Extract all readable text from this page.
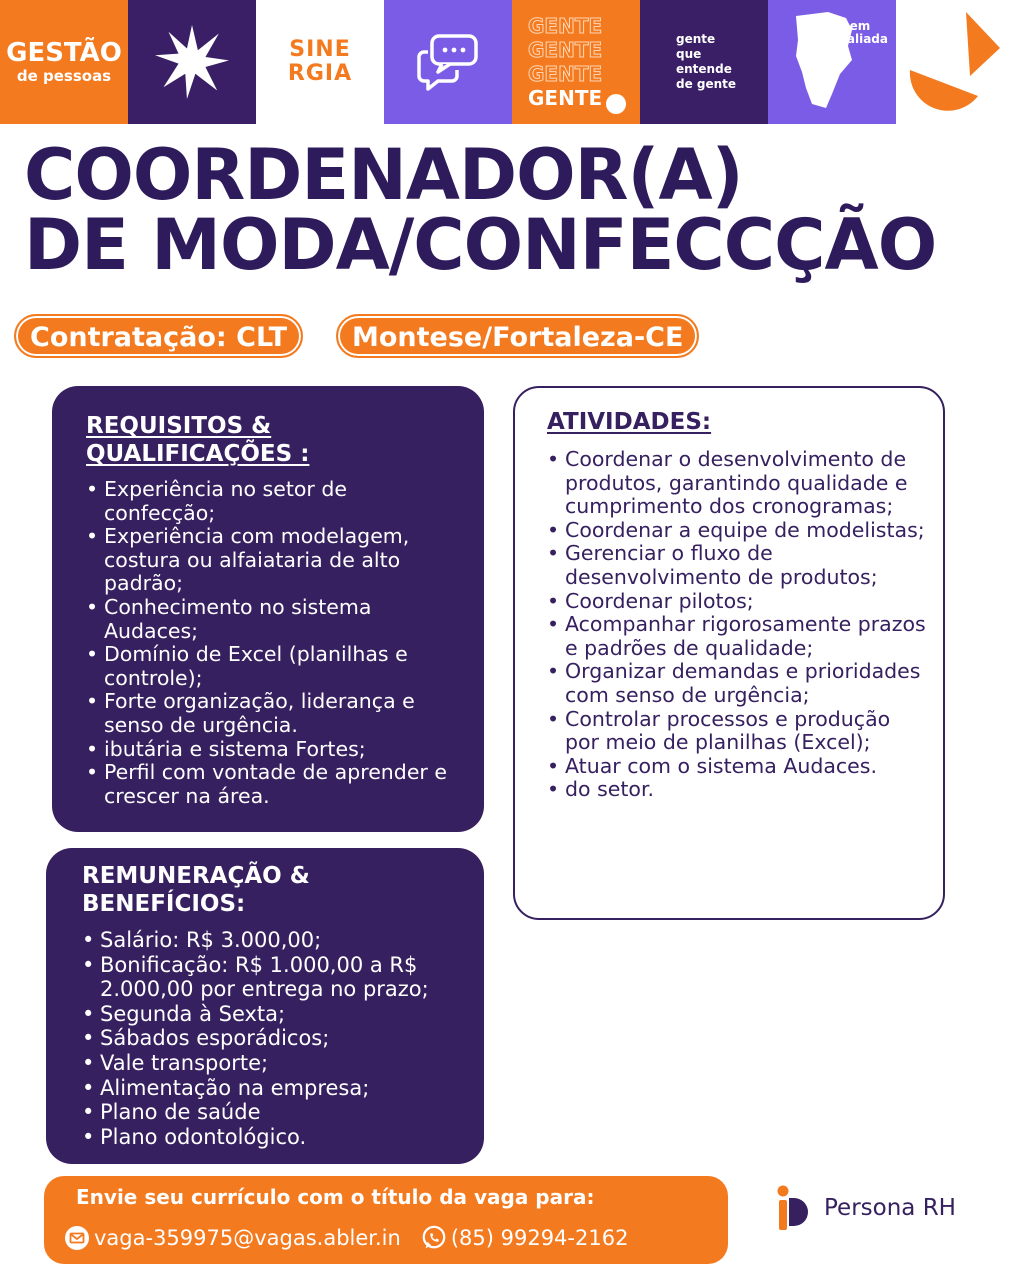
GESTÃO
de pessoas
SINE
RGIA
GENTE
GENTE
GENTE
GENTE
gente
que
entende
de gente
+bem
avaliada
COORDENADOR(A)
DE MODA/CONFECCÇÃO
Contratação: CLT	Montese/Fortaleza-CE
REQUISITOS &
QUALIFICAÇÕES :
• Experiência no setor de confecção;
• Experiência com modelagem, costura ou alfaiataria de alto padrão;
• Conhecimento no sistema Audaces;
• Domínio de Excel (planilhas e controle);
• Forte organização, liderança e senso de urgência.
• ibutária e sistema Fortes;
• Perfil com vontade de aprender e crescer na área.
REMUNERAÇÃO &
BENEFÍCIOS:
• Salário: R$ 3.000,00;
• Bonificação: R$ 1.000,00 a R$ 2.000,00 por entrega no prazo;
• Segunda à Sexta;
• Sábados esporádicos;
• Vale transporte;
• Alimentação na empresa;
• Plano de saúde
• Plano odontológico.
ATIVIDADES:
• Coordenar o desenvolvimento de produtos, garantindo qualidade e cumprimento dos cronogramas;
• Coordenar a equipe de modelistas;
• Gerenciar o fluxo de desenvolvimento de produtos;
• Coordenar pilotos;
• Acompanhar rigorosamente prazos e padrões de qualidade;
• Organizar demandas e prioridades com senso de urgência;
• Controlar processos e produção por meio de planilhas (Excel);
• Atuar com o sistema Audaces.
• do setor.
Envie seu currículo com o título da vaga para:
vaga-359975@vagas.abler.in (85) 99294-2162
Persona RH
